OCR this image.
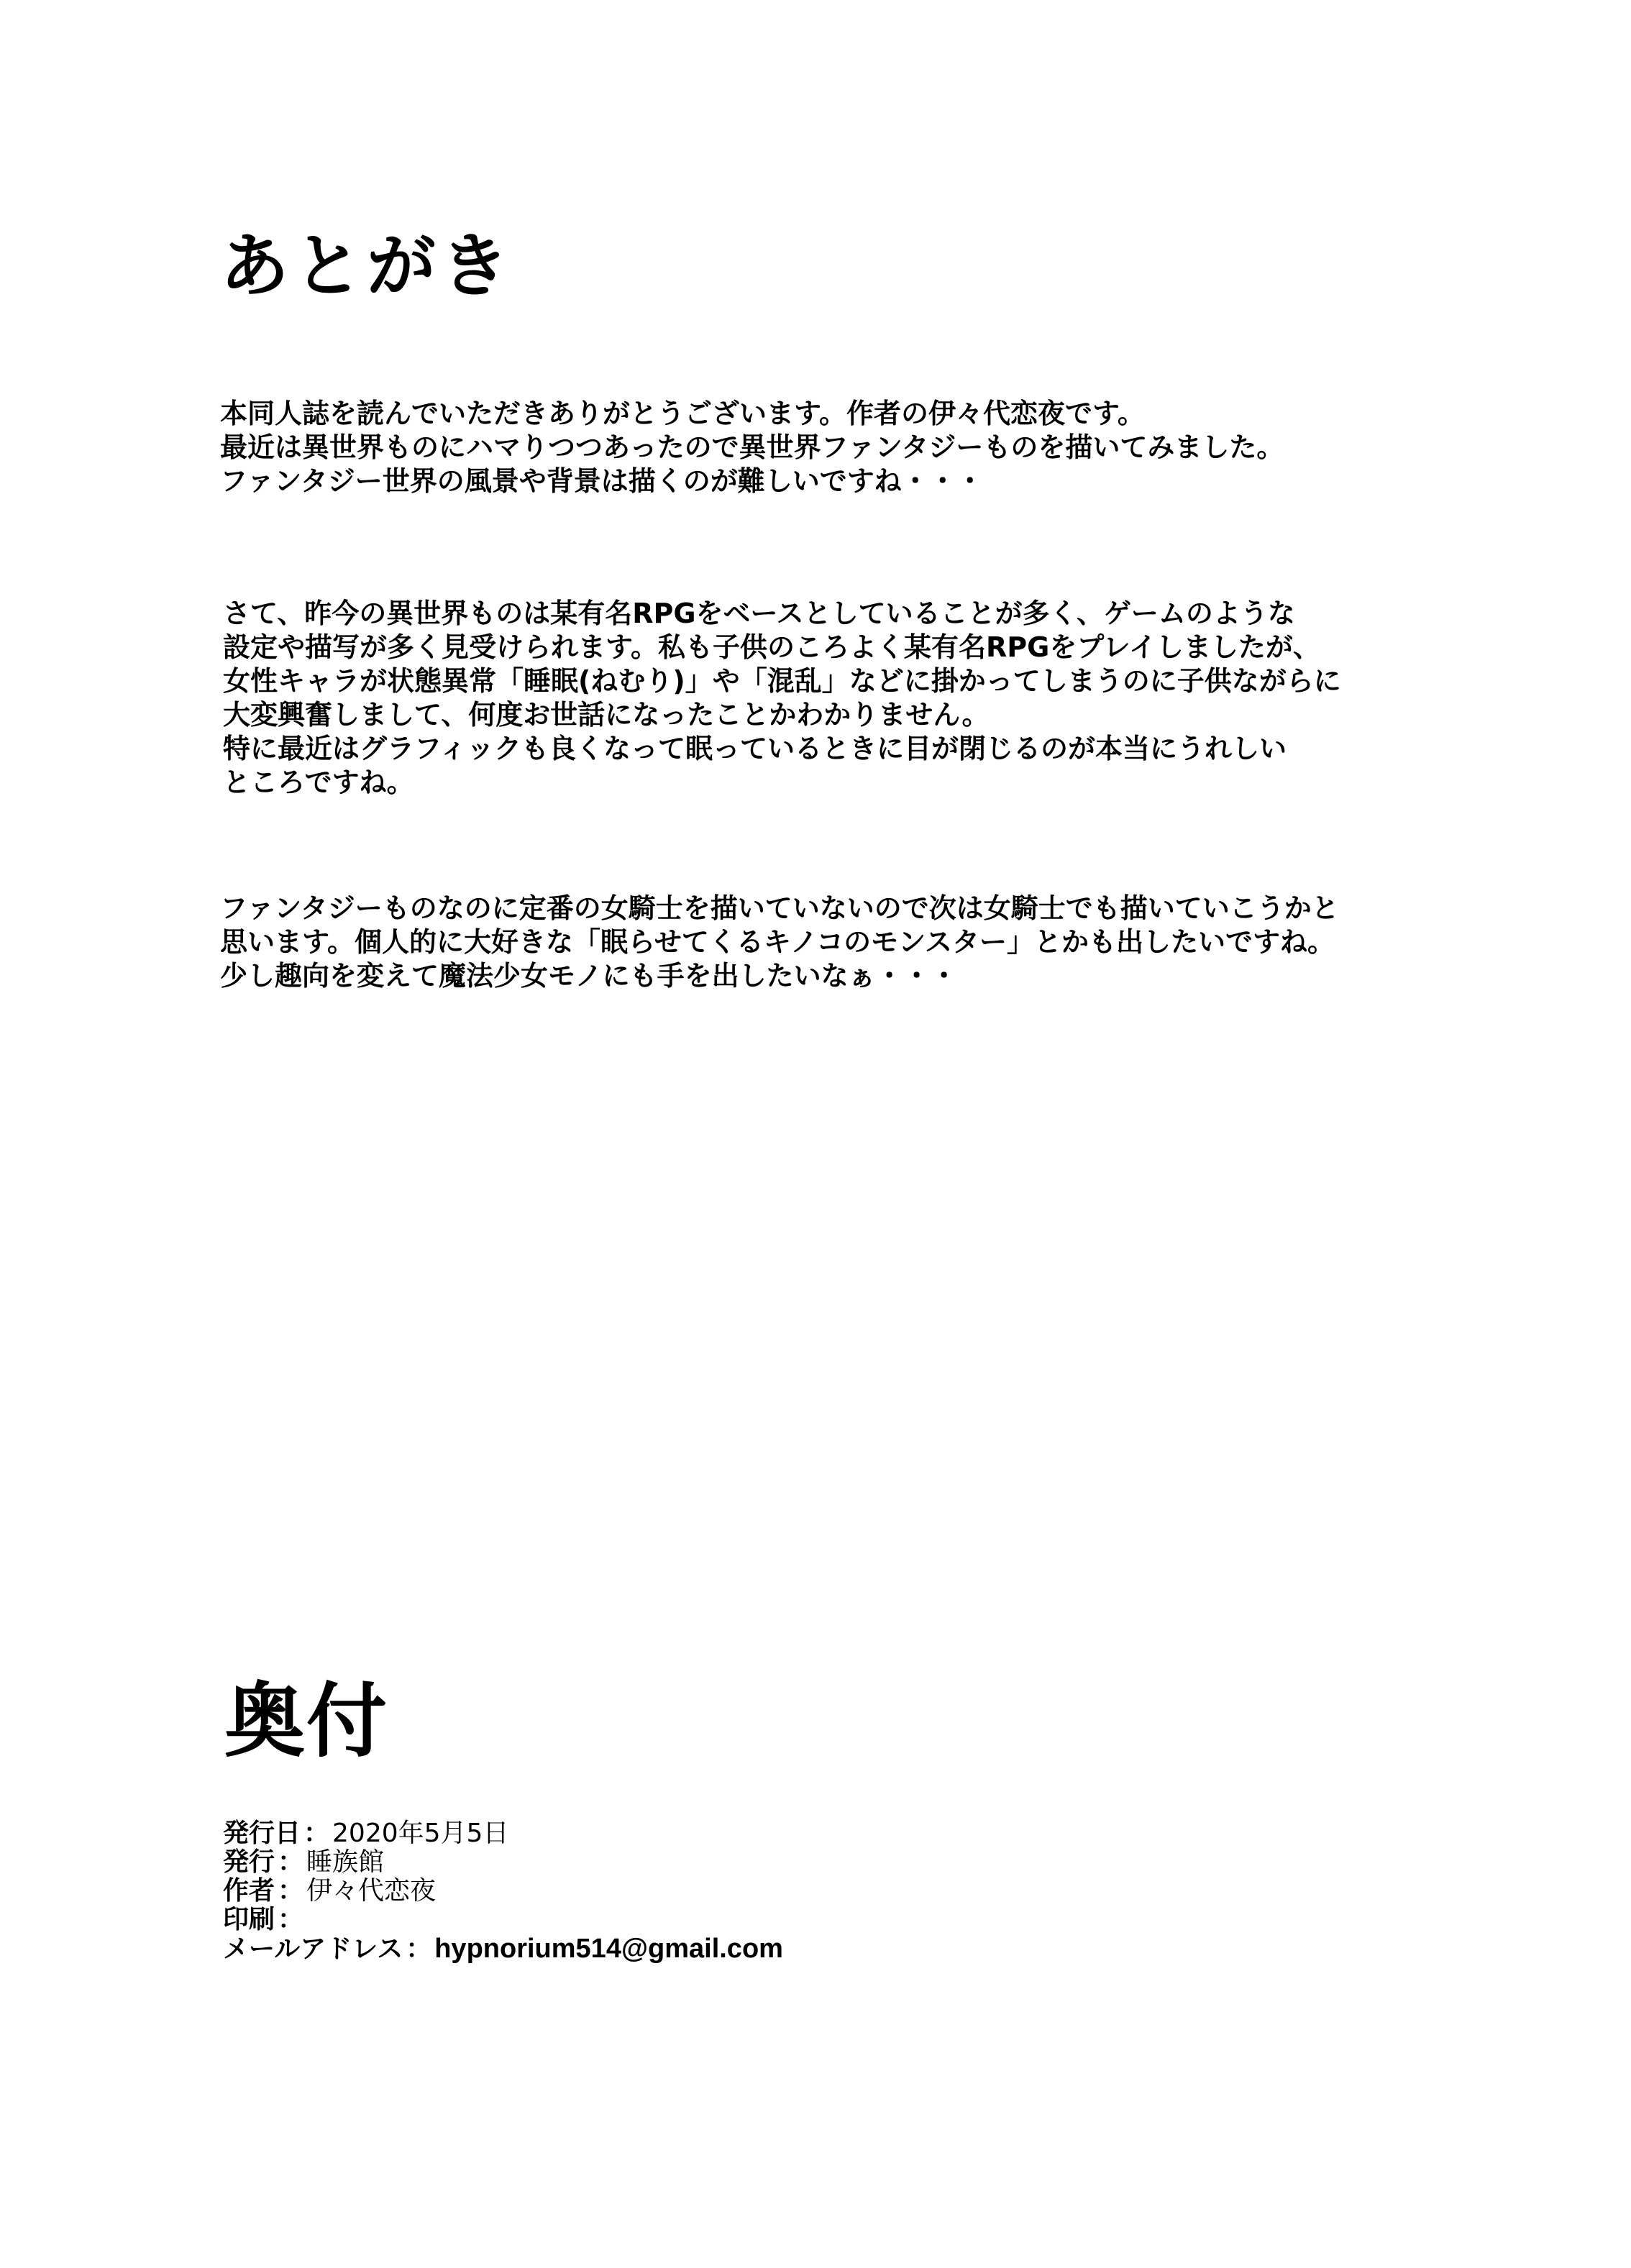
あとがき
本同人誌を読んでいただきありがとうございます。作者の伊々代恋夜です。
最近は異世界ものにハマりつつあったので異世界ファンタジーものを描いてみました。
ファンタジー世界の風景や背景は描くのが難しいですね・・・
さて、昨今の異世界ものは某有名RPGをベースとしていることが多く、ゲームのような
設定や描写が多く見受けられます。私も子供のころよく某有名RPGをプレイしましたが、
女性キャラが状態異常「睡眠(ねむり)」や「混乱」などに掛かってしまうのに子供ながらに
大変興奮しまして、何度お世話になったことかわかりません。
特に最近はグラフィックも良くなって眠っているときに目が閉じるのが本当にうれしい
ところですね。
ファンタジーものなのに定番の女騎士を描いていないので次は女騎士でも描いていこうかと
思います。個人的に大好きな「眠らせてくるキノコのモンスター」とかも出したいですね。
少し趣向を変えて魔法少女モノにも手を出したいなぁ・・・
奥付
発行日 ： 2020年5月5日
発行 ： 睡族館
作者 ： 伊々代恋夜
印刷 ：
メールアドレス ： hypnorium514@gmail.com
